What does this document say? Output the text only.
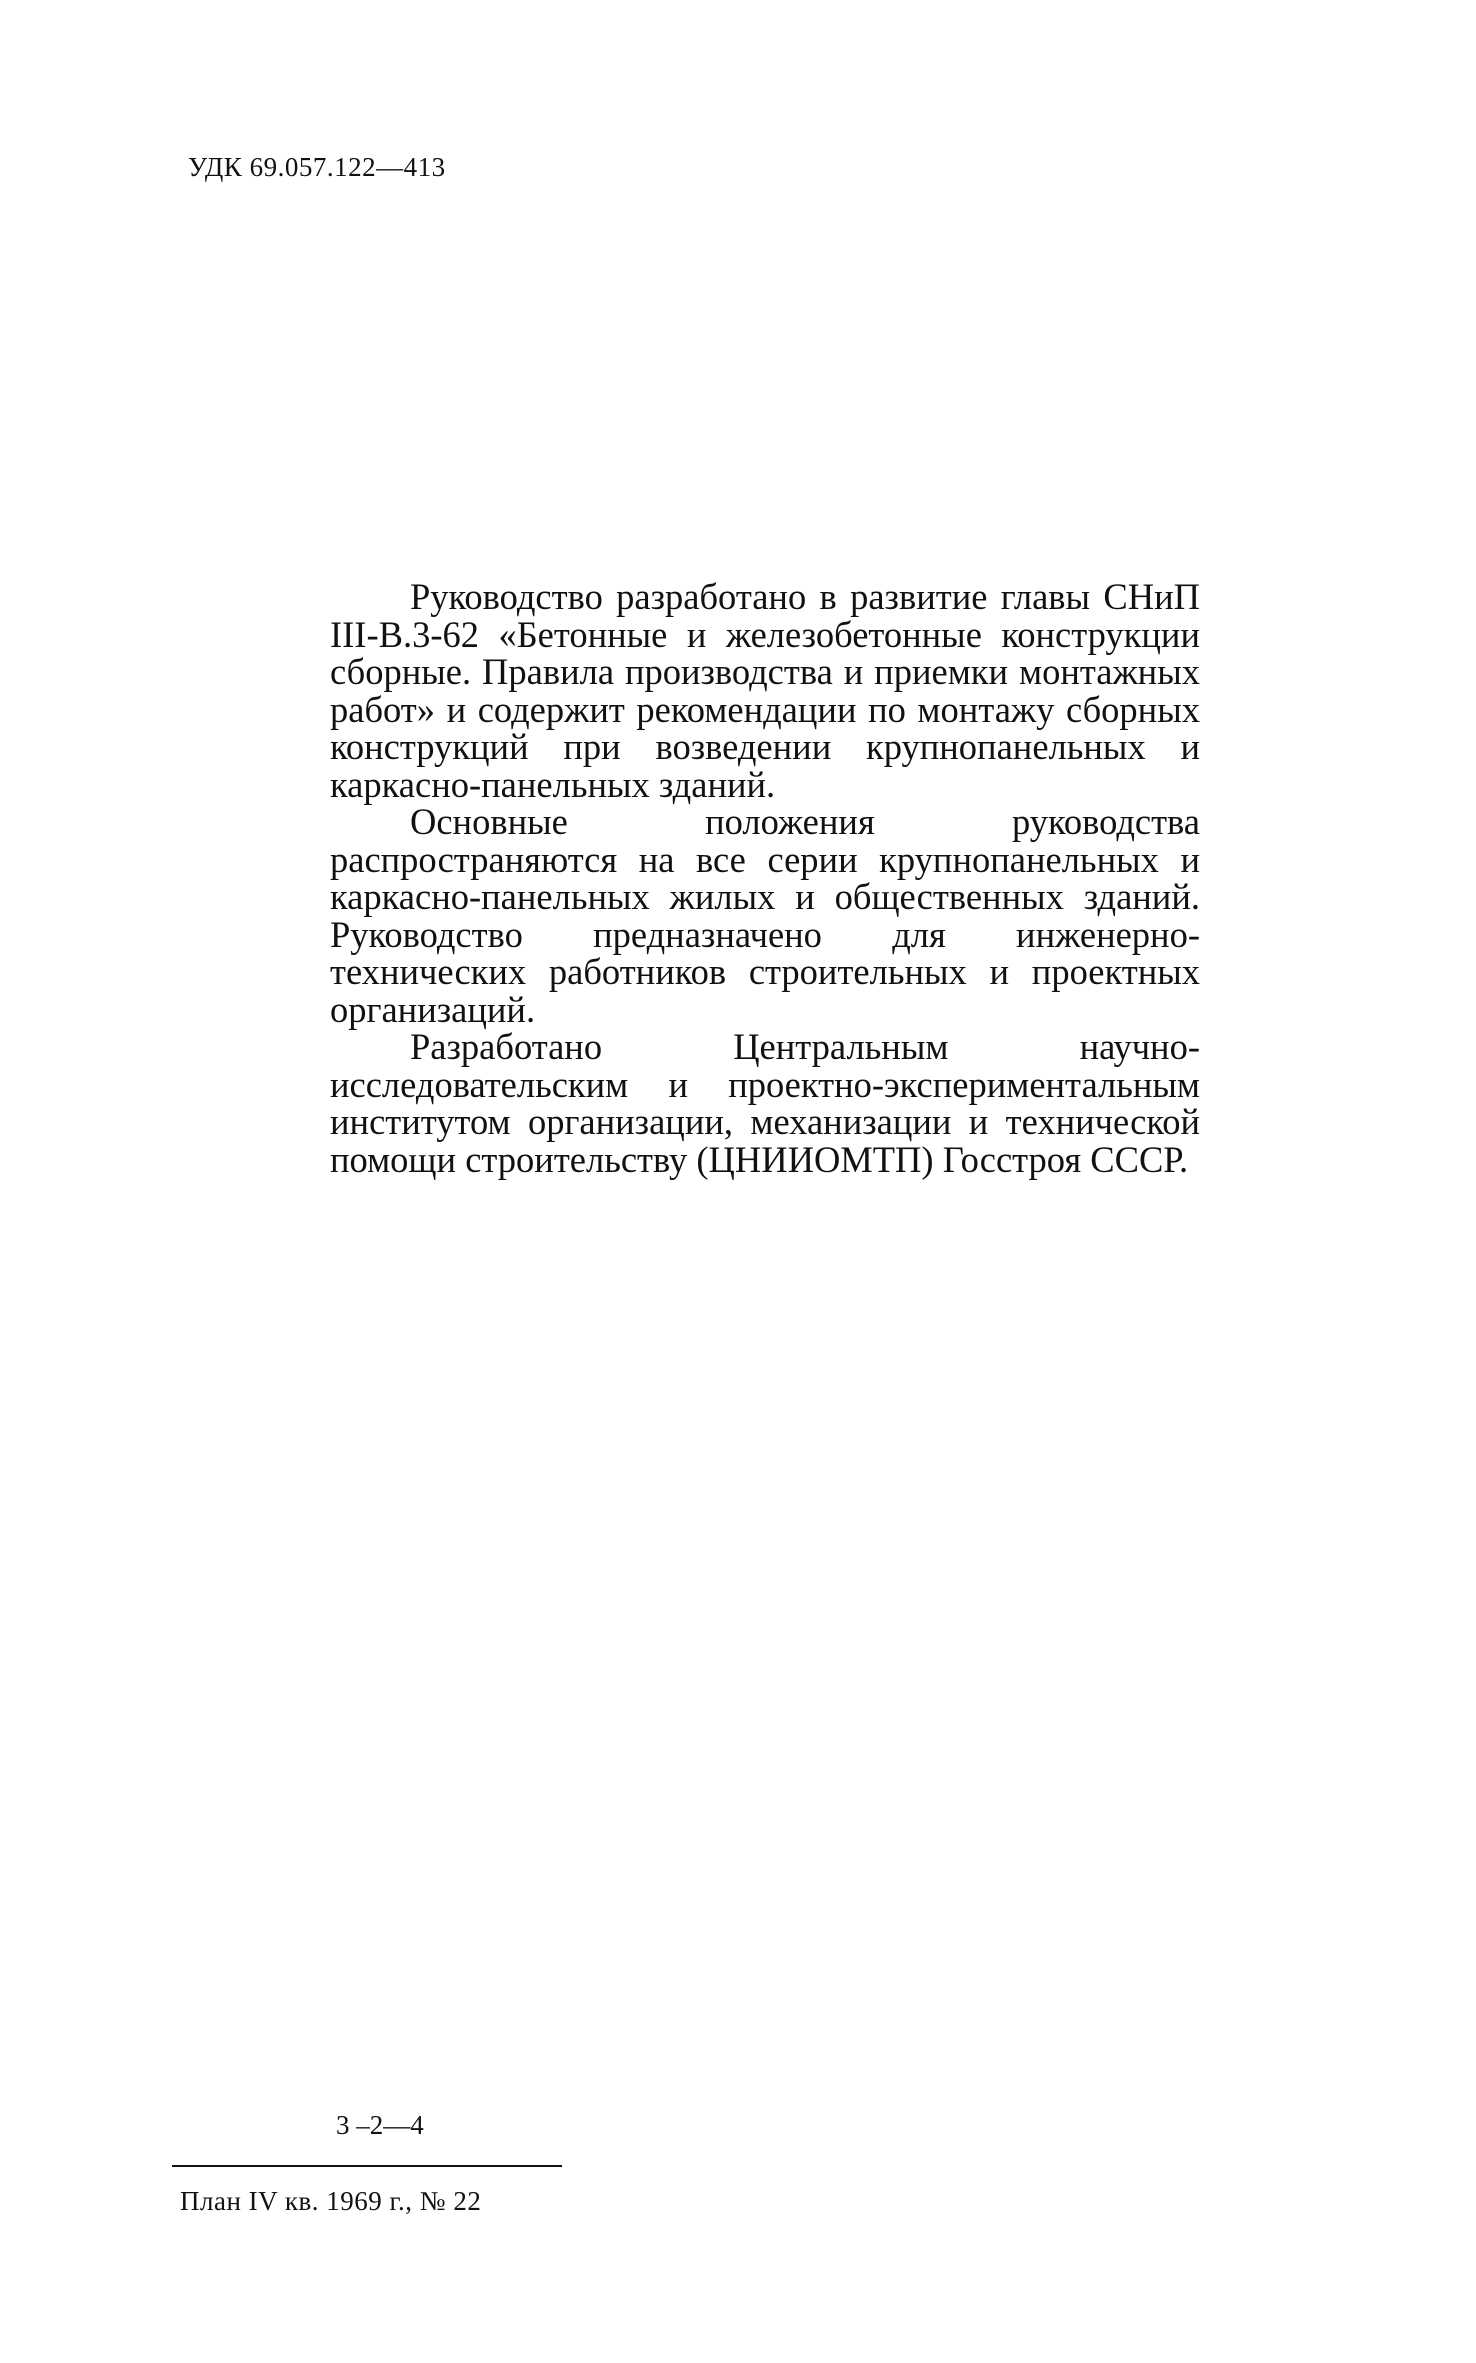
УДК 69.057.122—413

Руководство разработано в развитие главы СНиП III-В.3-62 «Бетонные и железобетонные конструкции сборные. Правила производства и приемки монтажных работ» и содержит рекомендации по монтажу сборных конструкций при возведении крупнопанельных и каркасно-панельных зданий.

Основные положения руководства распространяются на все серии крупнопанельных и каркасно-панельных жилых и общественных зданий. Руководство предназначено для инженерно-технических работников строительных и проектных организаций.

Разработано Центральным научно-исследовательским и проектно-экспериментальным институтом организации, механизации и технической помощи строительству (ЦНИИОМТП) Госстроя СССР.

3 –2—4
План IV кв. 1969 г., № 22
